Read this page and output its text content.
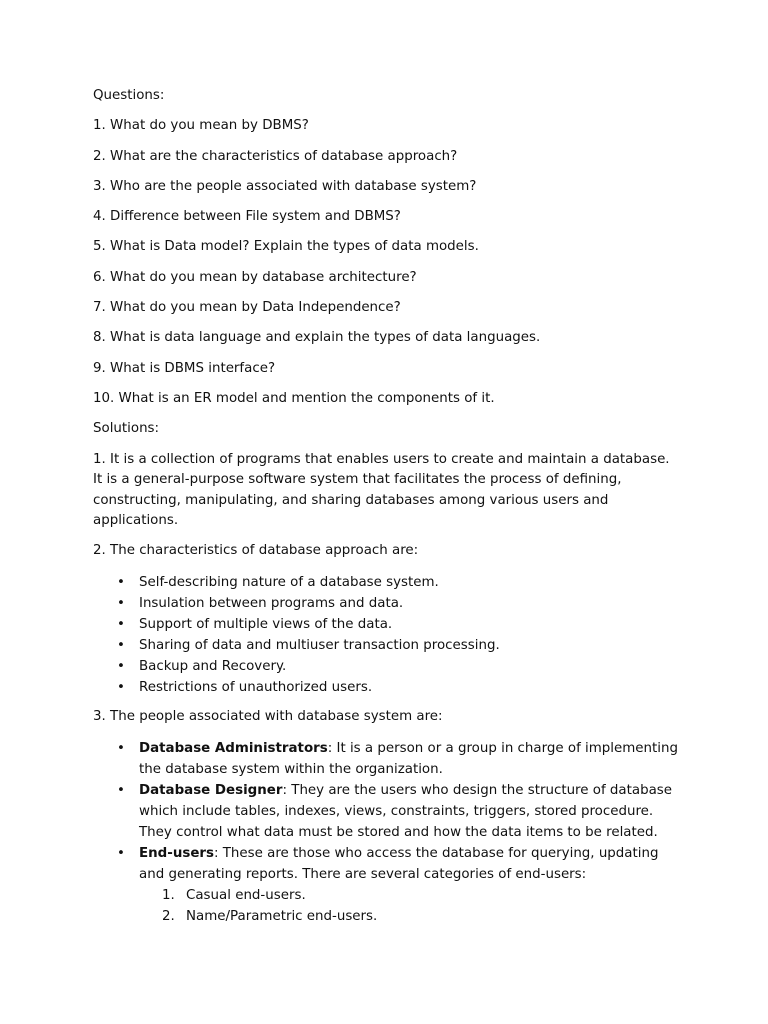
Questions:

1. What do you mean by DBMS?

2. What are the characteristics of database approach?

3. Who are the people associated with database system?

4. Difference between File system and DBMS?

5. What is Data model? Explain the types of data models.

6. What do you mean by database architecture?

7. What do you mean by Data Independence?

8. What is data language and explain the types of data languages.

9. What is DBMS interface?

10. What is an ER model and mention the components of it.

Solutions:

1. It is a collection of programs that enables users to create and maintain a database. It is a general-purpose software system that facilitates the process of defining, constructing, manipulating, and sharing databases among various users and applications.

2. The characteristics of database approach are:

• Self-describing nature of a database system.
• Insulation between programs and data.
• Support of multiple views of the data.
• Sharing of data and multiuser transaction processing.
• Backup and Recovery.
• Restrictions of unauthorized users.

3. The people associated with database system are:

• Database Administrators: It is a person or a group in charge of implementing the database system within the organization.
• Database Designer: They are the users who design the structure of database which include tables, indexes, views, constraints, triggers, stored procedure. They control what data must be stored and how the data items to be related.
• End-users: These are those who access the database for querying, updating and generating reports. There are several categories of end-users:
1. Casual end-users.
2. Name/Parametric end-users.
